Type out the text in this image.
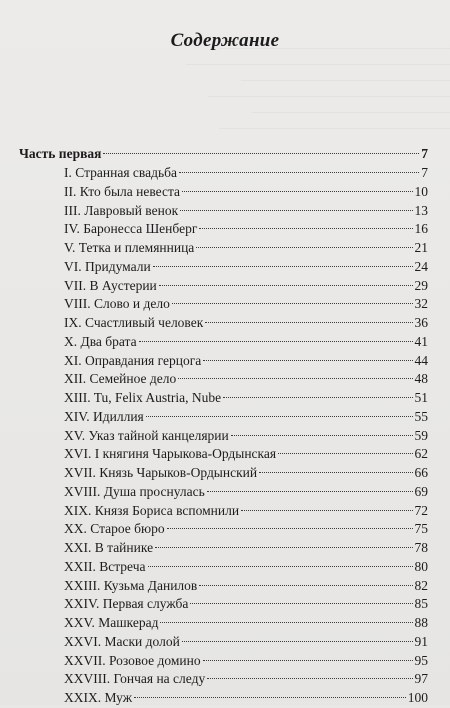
―――――――――――――――――――――
――――――――――――――――――――――――
―――――――――――――――――――
――――――――――――――――――――――
――――――――――――――――――
―――――――――――――――――――――
Содержание
Часть первая	7
I. Странная свадьба	7
II. Кто была невеста	10
III. Лавровый венок	13
IV. Баронесса Шенберг	16
V. Тетка и племянница	21
VI. Придумали	24
VII. В Аустерии	29
VIII. Слово и дело	32
IX. Счастливый человек	36
X. Два брата	41
XI. Оправдания герцога	44
XII. Семейное дело	48
XIII. Tu, Felix Austria, Nube	51
XIV. Идиллия	55
XV. Указ тайной канцелярии	59
XVI. I княгиня Чарыкова-Ордынская	62
XVII. Князь Чарыков-Ордынский	66
XVIII. Душа проснулась	69
XIX. Князя Бориса вспомнили	72
XX. Старое бюро	75
XXI. В тайнике	78
XXII. Встреча	80
XXIII. Кузьма Данилов	82
XXIV. Первая служба	85
XXV. Машкерад	88
XXVI. Маски долой	91
XXVII. Розовое домино	95
XXVIII. Гончая на следу	97
XXIX. Муж	100
